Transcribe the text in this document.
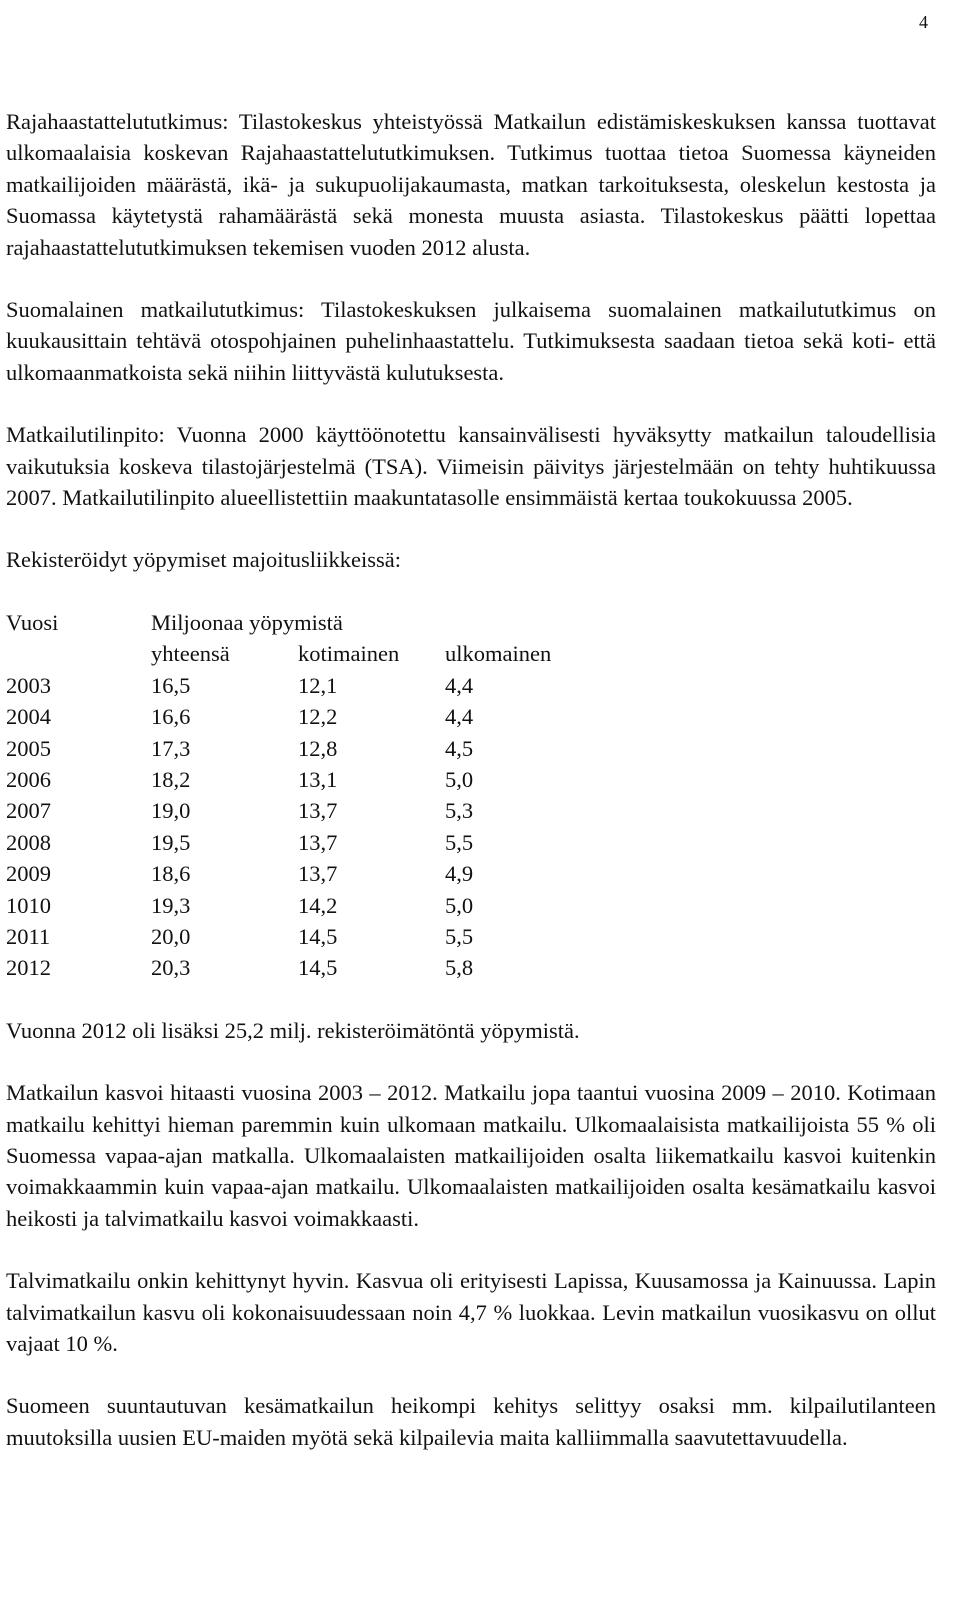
4

Rajahaastattelututkimus: Tilastokeskus yhteistyössä Matkailun edistämiskeskuksen kanssa tuottavat ulkomaalaisia koskevan Rajahaastattelututkimuksen. Tutkimus tuottaa tietoa Suomessa käyneiden matkailijoiden määrästä, ikä- ja sukupuolijakaumasta, matkan tarkoituksesta, oleskelun kestosta ja Suomassa käytetystä rahamäärästä sekä monesta muusta asiasta. Tilastokeskus päätti lopettaa rajahaastattelututkimuksen tekemisen vuoden 2012 alusta.

Suomalainen matkailututkimus: Tilastokeskuksen julkaisema suomalainen matkailututkimus on kuukausittain tehtävä otospohjainen puhelinhaastattelu. Tutkimuksesta saadaan tietoa sekä koti- että ulkomaanmatkoista sekä niihin liittyvästä kulutuksesta.

Matkailutilinpito: Vuonna 2000 käyttöönotettu kansainvälisesti hyväksytty matkailun taloudellisia vaikutuksia koskeva tilastojärjestelmä (TSA). Viimeisin päivitys järjestelmään on tehty huhtikuussa 2007. Matkailutilinpito alueellistettiin maakuntatasolle ensimmäistä kertaa toukokuussa 2005.

Rekisteröidyt yöpymiset majoitusliikkeissä:

Vuosi	Miljoonaa yöpymistä		
	yhteensä	kotimainen	ulkomainen
2003	16,5	12,1	4,4
2004	16,6	12,2	4,4
2005	17,3	12,8	4,5
2006	18,2	13,1	5,0
2007	19,0	13,7	5,3
2008	19,5	13,7	5,5
2009	18,6	13,7	4,9
1010	19,3	14,2	5,0
2011	20,0	14,5	5,5
2012	20,3	14,5	5,8

Vuonna 2012 oli lisäksi 25,2 milj. rekisteröimätöntä yöpymistä.

Matkailun kasvoi hitaasti vuosina 2003 – 2012. Matkailu jopa taantui vuosina 2009 – 2010. Kotimaan matkailu kehittyi hieman paremmin kuin ulkomaan matkailu. Ulkomaalaisista matkailijoista 55 % oli Suomessa vapaa-ajan matkalla. Ulkomaalaisten matkailijoiden osalta liikematkailu kasvoi kuitenkin voimakkaammin kuin vapaa-ajan matkailu. Ulkomaalaisten matkailijoiden osalta kesämatkailu kasvoi heikosti ja talvimatkailu kasvoi voimakkaasti.

Talvimatkailu onkin kehittynyt hyvin. Kasvua oli erityisesti Lapissa, Kuusamossa ja Kainuussa. Lapin talvimatkailun kasvu oli kokonaisuudessaan noin 4,7 % luokkaa. Levin matkailun vuosikasvu on ollut vajaat 10 %.

Suomeen suuntautuvan kesämatkailun heikompi kehitys selittyy osaksi mm. kilpailutilanteen muutoksilla uusien EU-maiden myötä sekä kilpailevia maita kalliimmalla saavutettavuudella.
